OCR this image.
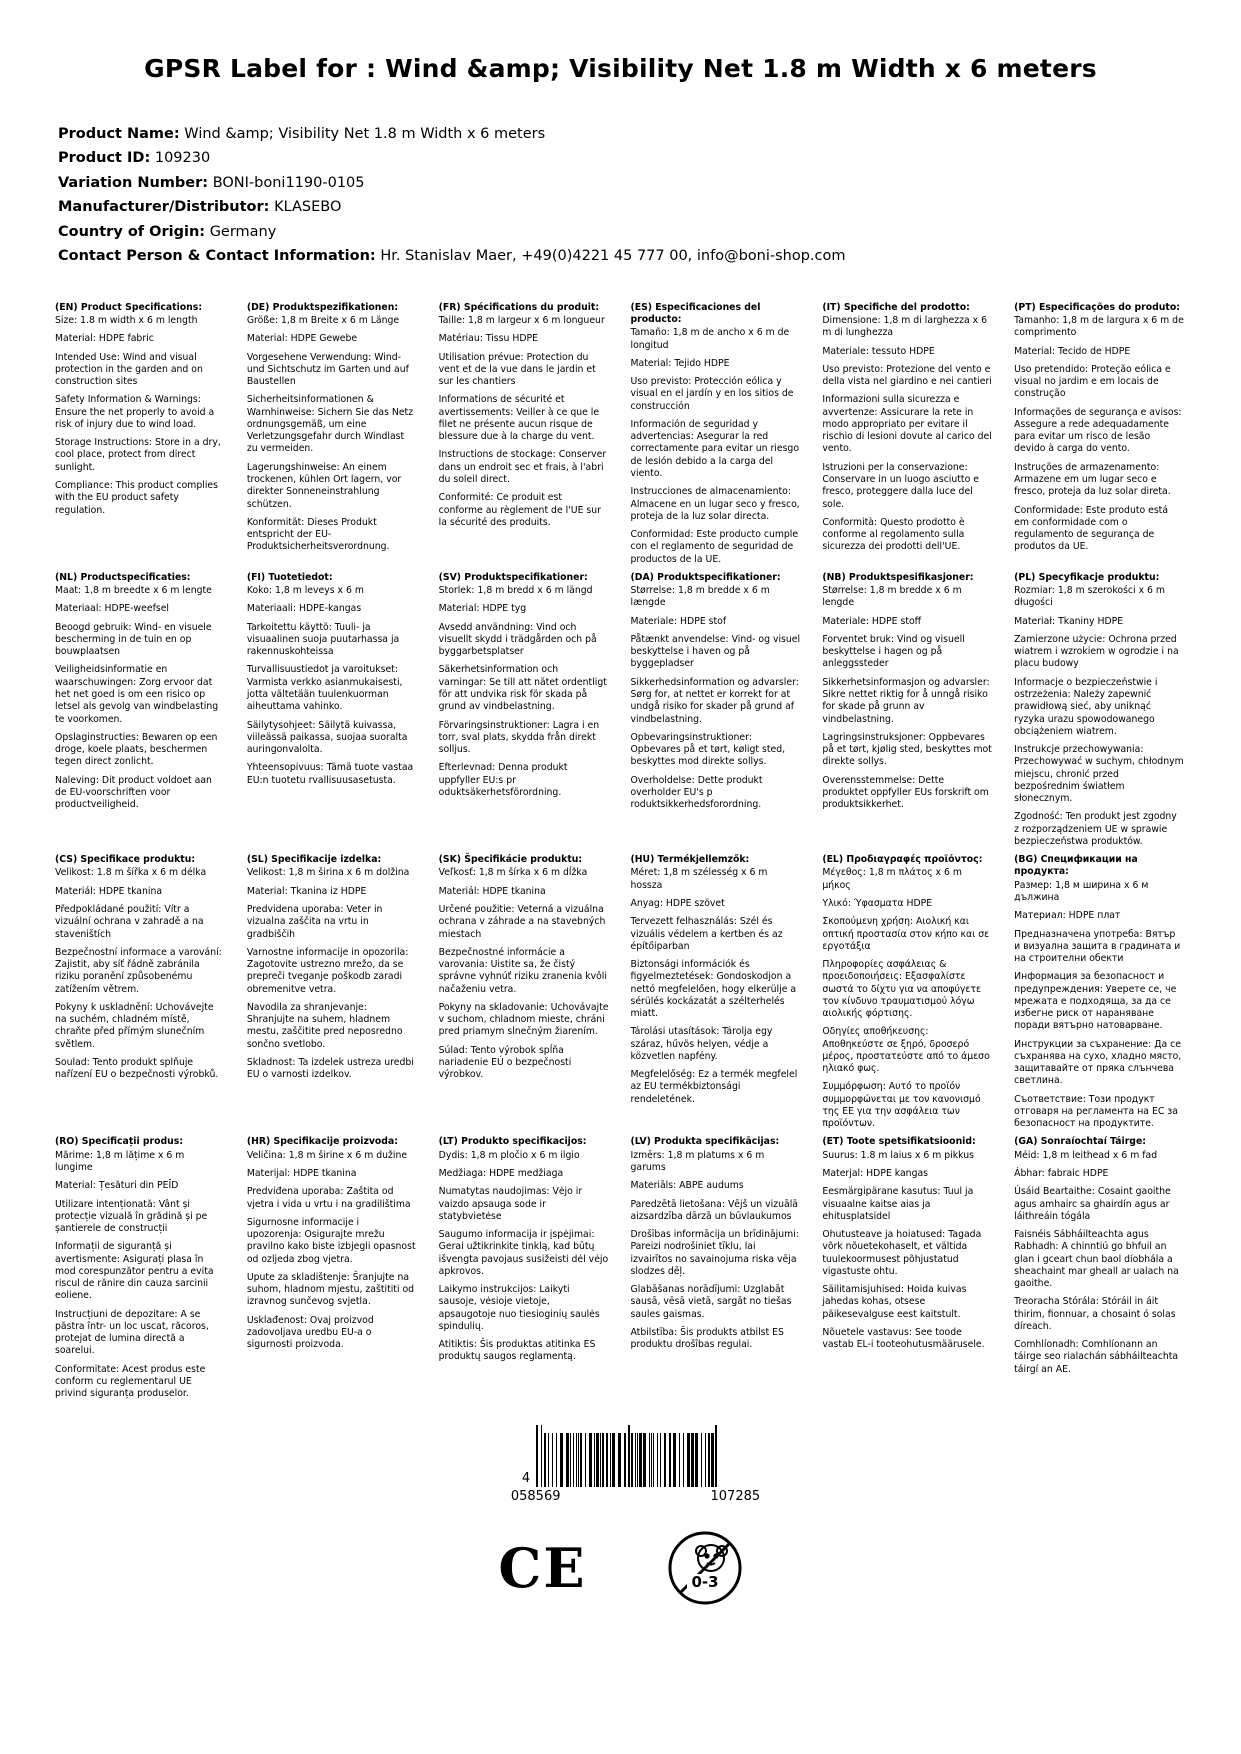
GPSR Label for : Wind &amp; Visibility Net 1.8 m Width x 6 meters
Product Name: Wind &amp; Visibility Net 1.8 m Width x 6 meters
Product ID: 109230
Variation Number: BONI-boni1190-0105
Manufacturer/Distributor: KLASEBO
Country of Origin: Germany
Contact Person & Contact Information: Hr. Stanislav Maer, +49(0)4221 45 777 00, info@boni-shop.com
(EN) Product Specifications:
Size: 1.8 m width x 6 m length
Material: HDPE fabric
Intended Use: Wind and visual protection in the garden and on construction sites
Safety Information & Warnings: Ensure the net properly to avoid a risk of injury due to wind load.
Storage Instructions: Store in a dry, cool place, protect from direct sunlight.
Compliance: This product complies with the EU product safety regulation.
(DE) Produktspezifikationen:
Größe: 1,8 m Breite x 6 m Länge
Material: HDPE Gewebe
Vorgesehene Verwendung: Wind- und Sichtschutz im Garten und auf Baustellen
Sicherheitsinformationen & Warnhinweise: Sichern Sie das Netz ordnungsgemäß, um eine Verletzungsgefahr durch Windlast zu vermeiden.
Lagerungshinweise: An einem trockenen, kühlen Ort lagern, vor direkter Sonneneinstrahlung schützen.
Konformität: Dieses Produkt entspricht der EU-Produktsicherheitsverordnung.
(FR) Spécifications du produit:
Taille: 1,8 m largeur x 6 m longueur
Matériau: Tissu HDPE
Utilisation prévue: Protection du vent et de la vue dans le jardin et sur les chantiers
Informations de sécurité et avertissements: Veiller à ce que le filet ne présente aucun risque de blessure due à la charge du vent.
Instructions de stockage: Conserver dans un endroit sec et frais, à l'abri du soleil direct.
Conformité: Ce produit est conforme au règlement de l'UE sur la sécurité des produits.
(ES) Especificaciones del producto:
Tamaño: 1,8 m de ancho x 6 m de longitud
Material: Tejido HDPE
Uso previsto: Protección eólica y visual en el jardín y en los sitios de construcción
Información de seguridad y advertencias: Asegurar la red correctamente para evitar un riesgo de lesión debido a la carga del viento.
Instrucciones de almacenamiento: Almacene en un lugar seco y fresco, proteja de la luz solar directa.
Conformidad: Este producto cumple con el reglamento de seguridad de productos de la UE.
(IT) Specifiche del prodotto:
Dimensione: 1,8 m di larghezza x 6 m di lunghezza
Materiale: tessuto HDPE
Uso previsto: Protezione del vento e della vista nel giardino e nei cantieri
Informazioni sulla sicurezza e avvertenze: Assicurare la rete in modo appropriato per evitare il rischio di lesioni dovute al carico del vento.
Istruzioni per la conservazione: Conservare in un luogo asciutto e fresco, proteggere dalla luce del sole.
Conformità: Questo prodotto è conforme al regolamento sulla sicurezza dei prodotti dell'UE.
(PT) Especificações do produto:
Tamanho: 1,8 m de largura x 6 m de comprimento
Material: Tecido de HDPE
Uso pretendido: Proteção eólica e visual no jardim e em locais de construção
Informações de segurança e avisos: Assegure a rede adequadamente para evitar um risco de lesão devido à carga do vento.
Instruções de armazenamento: Armazene em um lugar seco e fresco, proteja da luz solar direta.
Conformidade: Este produto está em conformidade com o regulamento de segurança de produtos da UE.
(NL) Productspecificaties:
Maat: 1,8 m breedte x 6 m lengte
Materiaal: HDPE-weefsel
Beoogd gebruik: Wind- en visuele bescherming in de tuin en op bouwplaatsen
Veiligheidsinformatie en waarschuwingen: Zorg ervoor dat het net goed is om een risico op letsel als gevolg van windbelasting te voorkomen.
Opslaginstructies: Bewaren op een droge, koele plaats, beschermen tegen direct zonlicht.
Naleving: Dit product voldoet aan de EU-voorschriften voor productveiligheid.
(FI) Tuotetiedot:
Koko: 1,8 m leveys x 6 m
Materiaali: HDPE-kangas
Tarkoitettu käyttö: Tuuli- ja visuaalinen suoja puutarhassa ja rakennuskohteissa
Turvallisuustiedot ja varoitukset: Varmista verkko asianmukaisesti, jotta vältetään tuulenkuorman aiheuttama vahinko.
Säilytysohjeet: Säilytä kuivassa, viileässä paikassa, suojaa suoralta auringonvalolta.
Yhteensopivuus: Tämä tuote vastaa EU:n tuotetu rvallisuusasetusta.
(SV) Produktspecifikationer:
Storlek: 1,8 m bredd x 6 m längd
Material: HDPE tyg
Avsedd användning: Vind och visuellt skydd i trädgården och på byggarbetsplatser
Säkerhetsinformation och varningar: Se till att nätet ordentligt för att undvika risk för skada på grund av vindbelastning.
Förvaringsinstruktioner: Lagra i en torr, sval plats, skydda från direkt solljus.
Efterlevnad: Denna produkt uppfyller EU:s pr oduktsäkerhetsförordning.
(DA) Produktspecifikationer:
Størrelse: 1,8 m bredde x 6 m længde
Materiale: HDPE stof
Påtænkt anvendelse: Vind- og visuel beskyttelse i haven og på byggepladser
Sikkerhedsinformation og advarsler: Sørg for, at nettet er korrekt for at undgå risiko for skader på grund af vindbelastning.
Opbevaringsinstruktioner: Opbevares på et tørt, køligt sted, beskyttes mod direkte sollys.
Overholdelse: Dette produkt overholder EU's p roduktsikkerhedsforordning.
(NB) Produktspesifikasjoner:
Størrelse: 1,8 m bredde x 6 m lengde
Materiale: HDPE stoff
Forventet bruk: Vind og visuell beskyttelse i hagen og på anleggssteder
Sikkerhetsinformasjon og advarsler: Sikre nettet riktig for å unngå risiko for skade på grunn av vindbelastning.
Lagringsinstruksjoner: Oppbevares på et tørt, kjølig sted, beskyttes mot direkte sollys.
Overensstemmelse: Dette produktet oppfyller EUs forskrift om produktsikkerhet.
(PL) Specyfikacje produktu:
Rozmiar: 1,8 m szerokości x 6 m długości
Materiał: Tkaniny HDPE
Zamierzone użycie: Ochrona przed wiatrem i wzrokiem w ogrodzie i na placu budowy
Informacje o bezpieczeństwie i ostrzeżenia: Należy zapewnić prawidłową sieć, aby uniknąć ryzyka urazu spowodowanego obciążeniem wiatrem.
Instrukcje przechowywania: Przechowywać w suchym, chłodnym miejscu, chronić przed bezpośrednim światłem słonecznym.
Zgodność: Ten produkt jest zgodny z rozporządzeniem UE w sprawie bezpieczeństwa produktów.
(CS) Specifikace produktu:
Velikost: 1.8 m šířka x 6 m délka
Materiál: HDPE tkanina
Předpokládané použití: Vítr a vizuální ochrana v zahradě a na staveništích
Bezpečnostní informace a varování: Zajistit, aby síť řádně zabránila riziku poranění způsobenému zatížením větrem.
Pokyny k uskladnění: Uchovávejte na suchém, chladném místě, chraňte před přímým slunečním světlem.
Soulad: Tento produkt splňuje nařízení EU o bezpečnosti výrobků.
(SL) Specifikacije izdelka:
Velikost: 1,8 m širina x 6 m dolžina
Material: Tkanina iz HDPE
Predvidena uporaba: Veter in vizualna zaščita na vrtu in gradbiščih
Varnostne informacije in opozorila: Zagotovite ustrezno mrežo, da se prepreči tveganje poškodb zaradi obremenitve vetra.
Navodila za shranjevanje: Shranjujte na suhem, hladnem mestu, zaščitite pred neposredno sončno svetlobo.
Skladnost: Ta izdelek ustreza uredbi EU o varnosti izdelkov.
(SK) Špecifikácie produktu:
Veľkosť: 1,8 m šírka x 6 m dĺžka
Materiál: HDPE tkanina
Určené použitie: Veterná a vizuálna ochrana v záhrade a na stavebných miestach
Bezpečnostné informácie a varovania: Uistite sa, že čistý správne vyhnúť riziku zranenia kvôli načaženiu vetra.
Pokyny na skladovanie: Uchovávajte v suchom, chladnom mieste, chráni pred priamym slnečným žiarením.
Súlad: Tento výrobok spĺňa nariadenie EÚ o bezpečnosti výrobkov.
(HU) Termékjellemzők:
Méret: 1,8 m szélesség x 6 m hossza
Anyag: HDPE szövet
Tervezett felhasználás: Szél és vizuális védelem a kertben és az építőiparban
Biztonsági információk és figyelmeztetések: Gondoskodjon a nettó megfelelően, hogy elkerülje a sérülés kockázatát a szélterhelés miatt.
Tárolási utasítások: Tárolja egy száraz, hűvös helyen, védje a közvetlen napfény.
Megfelelőség: Ez a termék megfelel az EU termékbiztonsági rendeletének.
(EL) Προδιαγραφές προϊόντος:
Μέγεθος: 1,8 m πλάτος x 6 m μήκος
Υλικό: Ύφασματα HDPE
Σκοπούμενη χρήση: Αιολική και οπτική προστασία στον κήπο και σε εργοτάξια
Πληροφορίες ασφάλειας & προειδοποιήσεις: Εξασφαλίστε σωστά το δίχτυ για να αποφύγετε τον κίνδυνο τραυματισμού λόγω αιολικής φόρτισης.
Οδηγίες αποθήκευσης: Αποθηκεύστε σε ξηρό, δροσερό μέρος, προστατεύστε από το άμεσο ηλιακό φως.
Συμμόρφωση: Αυτό το προϊόν συμμορφώνεται με τον κανονισμό της ΕΕ για την ασφάλεια των προϊόντων.
(BG) Спецификации на продукта:
Размер: 1,8 м ширина x 6 м дължина
Материал: HDPE плат
Предназначена употреба: Вятър и визуална защита в градината и на строителни обекти
Информация за безопасност и предупреждения: Уверете се, че мрежата е подходяща, за да се избегне риск от нараняване поради вятърно натоварване.
Инструкции за съхранение: Да се съхранява на сухо, хладно място, защитавайте от пряка слънчева светлина.
Съответствие: Този продукт отговаря на регламента на ЕС за безопасност на продуктите.
(RO) Specificații produs:
Mărime: 1,8 m lățime x 6 m lungime
Material: Țesături din PEÎD
Utilizare intenționată: Vânt și protecție vizuală în grădină și pe șantierele de construcții
Informații de siguranță și avertismente: Asigurați plasa în mod corespunzător pentru a evita riscul de rănire din cauza sarcinii eoliene.
Instrucțiuni de depozitare: A se păstra într- un loc uscat, răcoros, protejat de lumina directă a soarelui.
Conformitate: Acest produs este conform cu reglementarul UE privind siguranța produselor.
(HR) Specifikacije proizvoda:
Veličina: 1,8 m širine x 6 m dužine
Materijal: HDPE tkanina
Predviđena uporaba: Zaštita od vjetra i vida u vrtu i na gradilištima
Sigurnosne informacije i upozorenja: Osigurajte mrežu pravilno kako biste izbjegli opasnost od ozljeda zbog vjetra.
Upute za skladištenje: Šranjujte na suhom, hladnom mjestu, zaštititi od izravnog sunčevog svjetla.
Usklađenost: Ovaj proizvod zadovoljava uredbu EU-a o sigurnosti proizvoda.
(LT) Produkto specifikacijos:
Dydis: 1,8 m pločio x 6 m ilgio
Medžiaga: HDPE medžiaga
Numatytas naudojimas: Vėjo ir vaizdo apsauga sode ir statybvietėse
Saugumo informacija ir įspėjimai: Gerai užtikrinkite tinklą, kad būtų išvengta pavojaus susižeisti dėl vėjo apkrovos.
Laikymo instrukcijos: Laikyti sausoje, vėsioje vietoje, apsaugotoje nuo tiesioginių saulės spindulių.
Atitiktis: Šis produktas atitinka ES produktų saugos reglamentą.
(LV) Produkta specifikācijas:
Izmērs: 1,8 m platums x 6 m garums
Materiāls: ABPE audums
Paredzētā lietošana: Vējš un vizuālā aizsardzība dārzā un būvlaukumos
Drošības informācija un brīdinājumi: Pareizi nodrošiniet tīklu, lai izvairītos no savainojuma riska vēja slodzes dēļ.
Glabāšanas norādījumi: Uzglabāt sausā, vēsā vietā, sargāt no tiešas saules gaismas.
Atbilstība: Šis produkts atbilst ES produktu drošības regulai.
(ET) Toote spetsifikatsioonid:
Suurus: 1.8 m laius x 6 m pikkus
Materjal: HDPE kangas
Eesmärgipärane kasutus: Tuul ja visuaalne kaitse aias ja ehitusplatsidel
Ohutusteave ja hoiatused: Tagada võrk nõuetekohaselt, et vältida tuulekoormusest põhjustatud vigastuste ohtu.
Säilitamisjuhised: Hoida kuivas jahedas kohas, otsese päikesevalguse eest kaitstult.
Nõuetele vastavus: See toode vastab EL-i tooteohutusmäärusele.
(GA) Sonraíochtaí Táirge:
Méid: 1,8 m leithead x 6 m fad
Ábhar: fabraic HDPE
Úsáid Beartaithe: Cosaint gaoithe agus amhairc sa ghairdín agus ar láithreáin tógála
Faisnéis Sábháilteachta agus Rabhadh: A chinntiú go bhfuil an glan i gceart chun baol díobhála a sheachaint mar gheall ar ualach na gaoithe.
Treoracha Stórála: Stóráil in áit thirim, fionnuar, a chosaint ó solas díreach.
Comhlíonadh: Comhlíonann an táirge seo rialachán sábháilteachta táirgí an AE.
4
058569	107285
CE	0-3
